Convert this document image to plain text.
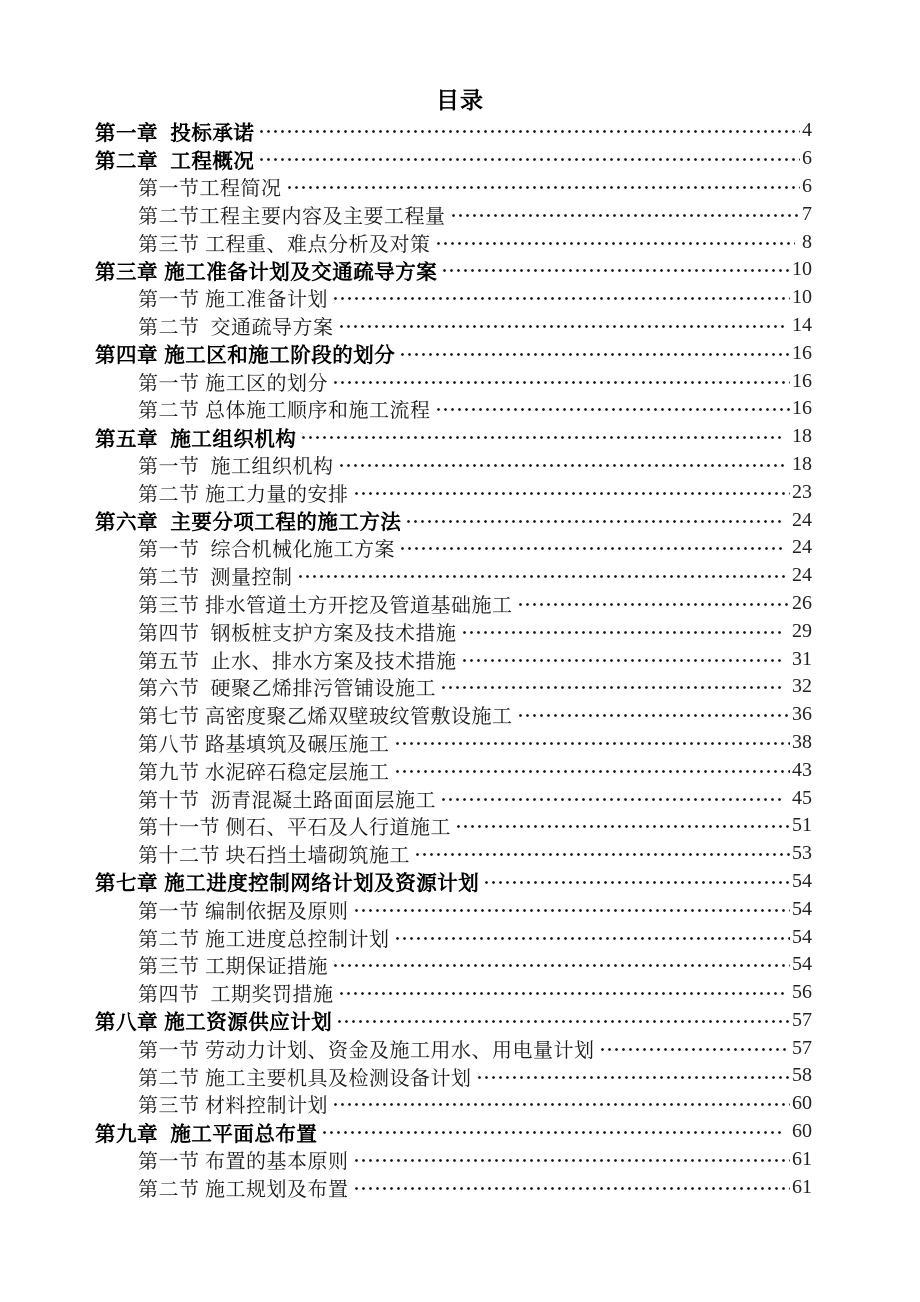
目录
第一章  投标承诺	4
第二章  工程概况	6
第一节工程简况	6
第二节工程主要内容及主要工程量	7
第三节 工程重、难点分析及对策	8
第三章 施工准备计划及交通疏导方案	10
第一节 施工准备计划	10
第二节  交通疏导方案	14
第四章 施工区和施工阶段的划分	16
第一节 施工区的划分	16
第二节 总体施工顺序和施工流程	16
第五章  施工组织机构	18
第一节  施工组织机构	18
第二节 施工力量的安排	23
第六章  主要分项工程的施工方法	24
第一节  综合机械化施工方案	24
第二节  测量控制	24
第三节 排水管道土方开挖及管道基础施工	26
第四节  钢板桩支护方案及技术措施	29
第五节  止水、排水方案及技术措施	31
第六节  硬聚乙烯排污管铺设施工	32
第七节 高密度聚乙烯双壁玻纹管敷设施工	36
第八节 路基填筑及碾压施工	38
第九节 水泥碎石稳定层施工	43
第十节  沥青混凝土路面面层施工	45
第十一节 侧石、平石及人行道施工	51
第十二节 块石挡土墙砌筑施工	53
第七章 施工进度控制网络计划及资源计划	54
第一节 编制依据及原则	54
第二节 施工进度总控制计划	54
第三节 工期保证措施	54
第四节  工期奖罚措施	56
第八章 施工资源供应计划	57
第一节 劳动力计划、资金及施工用水、用电量计划	57
第二节 施工主要机具及检测设备计划	58
第三节 材料控制计划	60
第九章  施工平面总布置	60
第一节 布置的基本原则	61
第二节 施工规划及布置	61
